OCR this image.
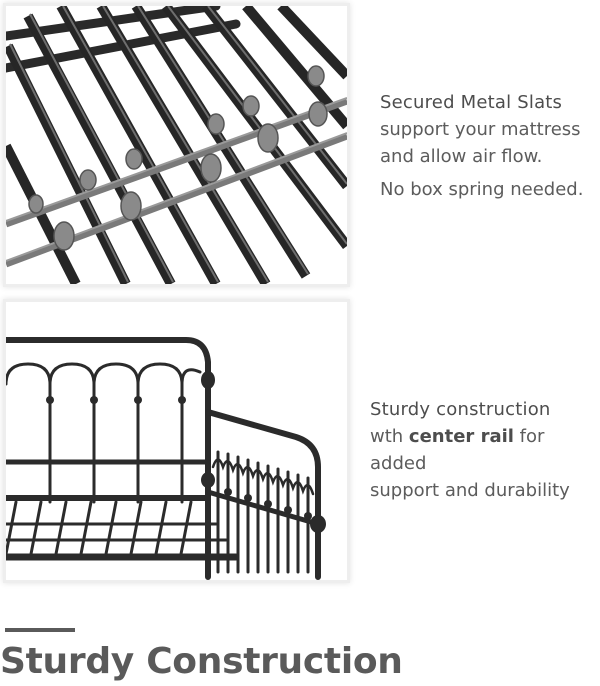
Secured Metal Slats
support your mattress
and allow air flow.
No box spring needed.
Sturdy construction
wth center rail for added
support and durability
Sturdy Construction
